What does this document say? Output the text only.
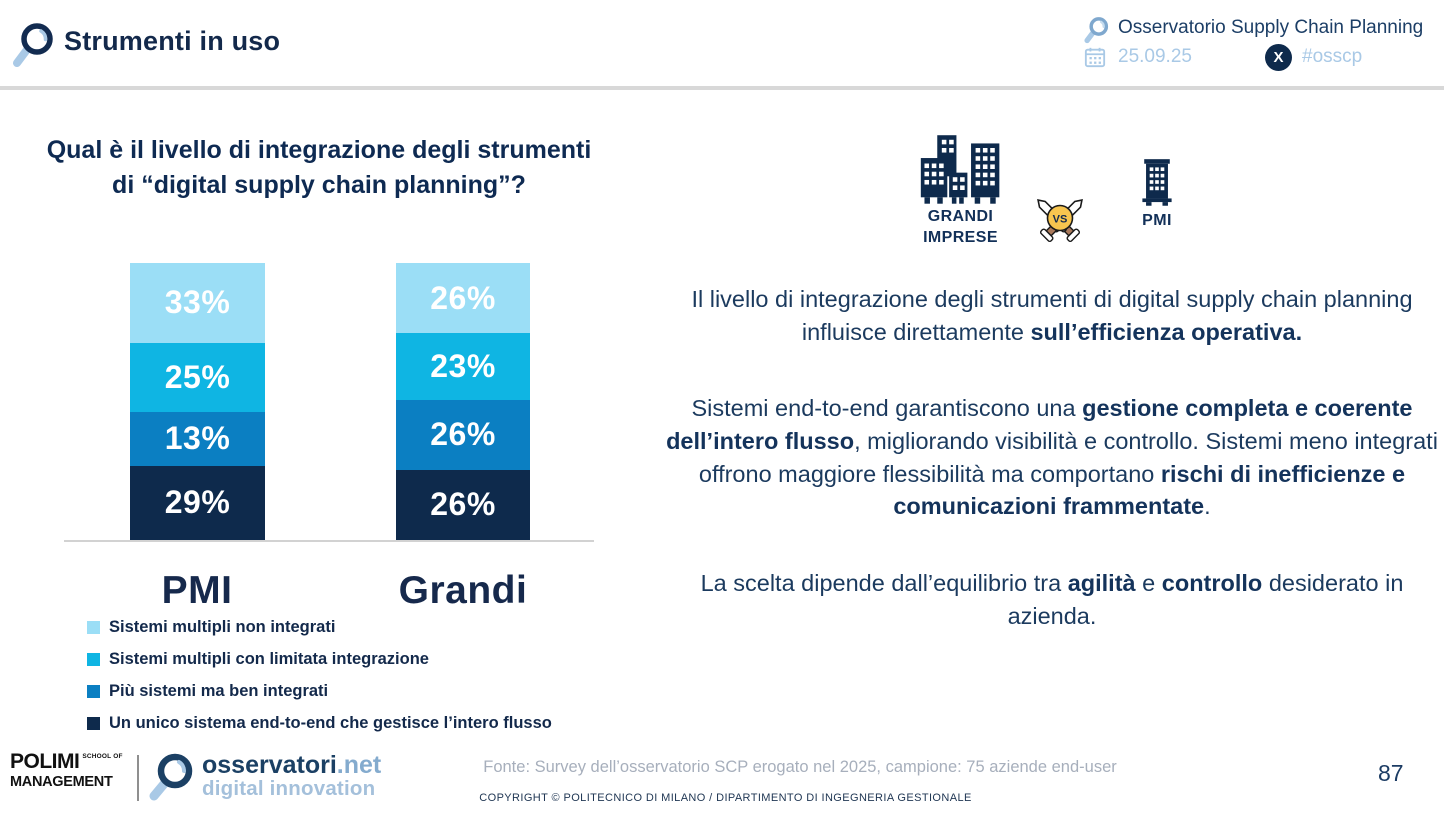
Strumenti in uso	Osservatorio Supply Chain Planning
25.09.25	X #osscp
Qual è il livello di integrazione degli strumenti di “digital supply chain planning”?
33%
25%
13%
29%
26%
23%
26%
26%
PMI	Grandi
Sistemi multipli non integrati
Sistemi multipli con limitata integrazione
Più sistemi ma ben integrati
Un unico sistema end-to-end che gestisce l’intero flusso
GRANDI IMPRESE
VS	PMI

Il livello di integrazione degli strumenti di digital supply chain planning influisce direttamente sull’efficienza operativa.

Sistemi end-to-end garantiscono una gestione completa e coerente dell’intero flusso, migliorando visibilità e controllo. Sistemi meno integrati offrono maggiore flessibilità ma comportano rischi di inefficienze e comunicazioni frammentate.

La scelta dipende dall’equilibrio tra agilità e controllo desiderato in azienda.

POLIMI SCHOOL OF
MANAGEMENT
osservatori.net
digital innovation
Fonte: Survey dell’osservatorio SCP erogato nel 2025, campione: 75 aziende end-user
COPYRIGHT © POLITECNICO DI MILANO / DIPARTIMENTO DI INGEGNERIA GESTIONALE
87
